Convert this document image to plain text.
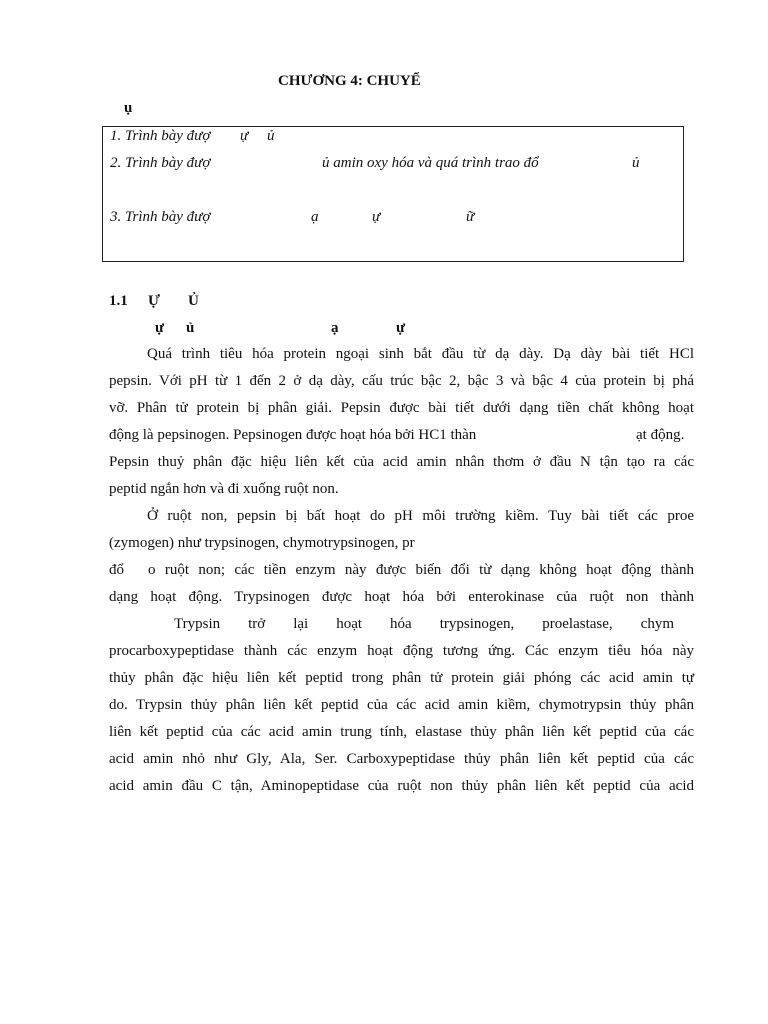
CHƯƠNG 4: CHUYỂ
ụ
1. Trình bày đượ ự ủ
2. Trình bày đượ	ủ amin oxy hóa và quá trình trao đổ	ủ
3. Trình bày đượ	ạ	ự	ữ
1.1 Ự Ủ
ự ủ	ạ	ự
Quá trình tiêu hóa protein ngoại sinh bắt đầu từ dạ dày. Dạ dày bài tiết HCl
pepsin. Với pH từ 1 đến 2 ở dạ dày, cấu trúc bậc 2, bậc 3 và bậc 4 của protein bị phá
vỡ. Phân tử protein bị phân giải. Pepsin được bài tiết dưới dạng tiền chất không hoạt
động là pepsinogen. Pepsinogen được hoạt hóa bởi HC1 thàn	ạt động.
Pepsin thuỷ phân đặc hiệu liên kết của acid amin nhân thơm ở đầu N tận tạo ra các
peptid ngắn hơn và đi xuống ruột non.
Ở ruột non, pepsin bị bất hoạt do pH môi trường kiềm. Tuy bài tiết các proe
(zymogen) như trypsinogen, chymotrypsinogen, pr
đổ o ruột non; các tiền enzym này được biến đổi từ dạng không hoạt động thành
dạng hoạt động. Trypsinogen được hoạt hóa bởi enterokinase của ruột non thành
Trypsin trở lại hoạt hóa trypsinogen, proelastase, chym
procarboxypeptidase thành các enzym hoạt động tương ứng. Các enzym tiêu hóa này
thủy phân đặc hiệu liên kết peptid trong phân tử protein giải phóng các acid amin tự
do. Trypsin thủy phân liên kết peptid của các acid amin kiềm, chymotrypsin thủy phân
liên kết peptid của các acid amin trung tính, elastase thủy phân liên kết peptid của các
acid amin nhỏ như Gly, Ala, Ser. Carboxypeptidase thủy phân liên kết peptid của các
acid amin đầu C tận, Aminopeptidase của ruột non thủy phân liên kết peptid của acid
